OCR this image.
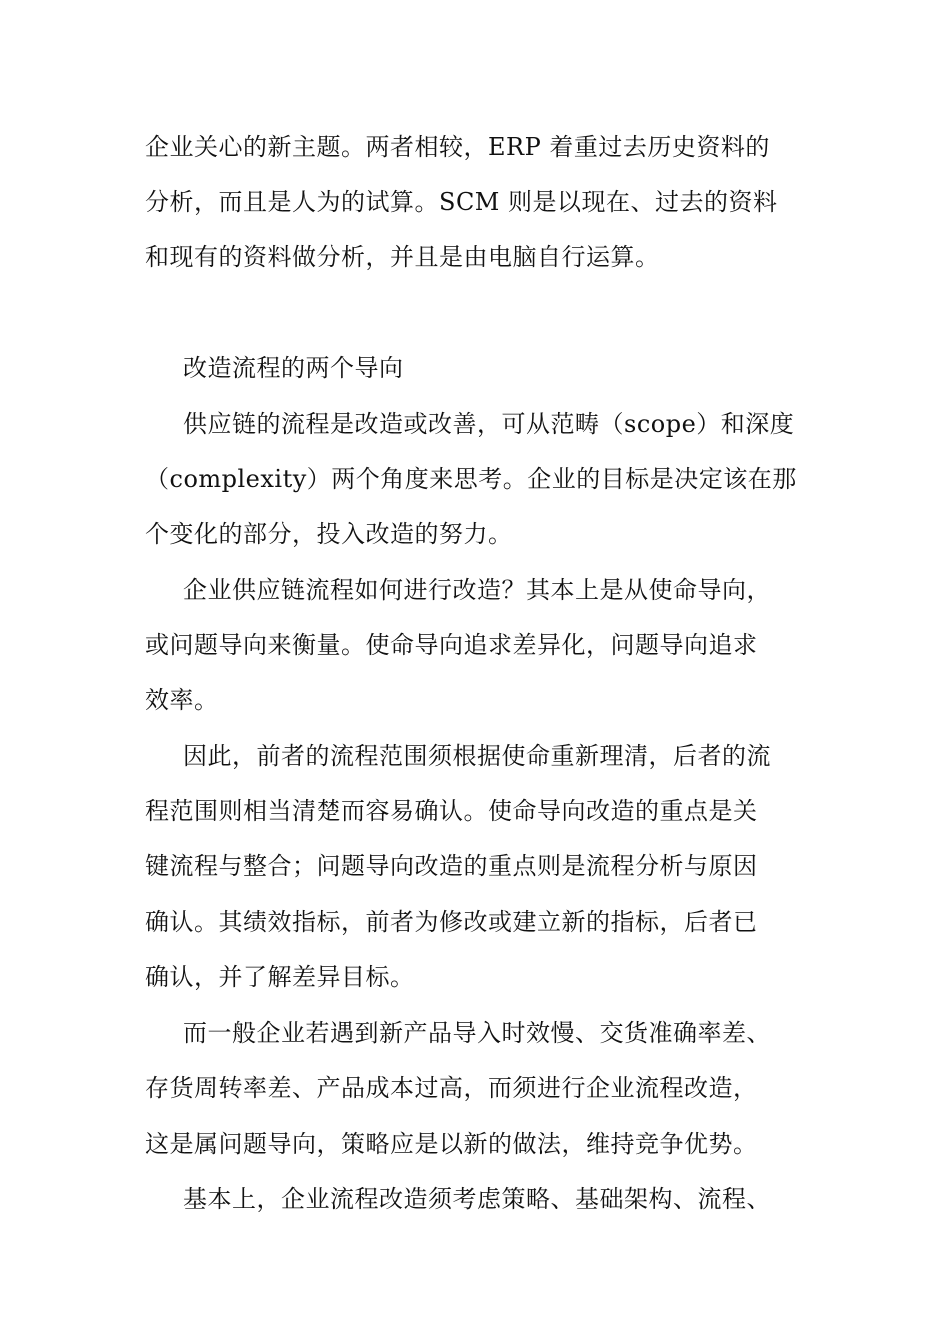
企业关心的新主题。两者相较，ERP 着重过去历史资料的
分析，而且是人为的试算。SCM 则是以现在、过去的资料
和现有的资料做分析，并且是由电脑自行运算。
改造流程的两个导向
供应链的流程是改造或改善，可从范畴（scope）和深度
（complexity）两个角度来思考。企业的目标是决定该在那
个变化的部分，投入改造的努力。
企业供应链流程如何进行改造？其本上是从使命导向，
或问题导向来衡量。使命导向追求差异化，问题导向追求
效率。
因此，前者的流程范围须根据使命重新理清，后者的流
程范围则相当清楚而容易确认。使命导向改造的重点是关
键流程与整合；问题导向改造的重点则是流程分析与原因
确认。其绩效指标，前者为修改或建立新的指标，后者已
确认，并了解差异目标。
而一般企业若遇到新产品导入时效慢、交货准确率差、
存货周转率差、产品成本过高，而须进行企业流程改造，
这是属问题导向，策略应是以新的做法，维持竞争优势。
基本上，企业流程改造须考虑策略、基础架构、流程、
